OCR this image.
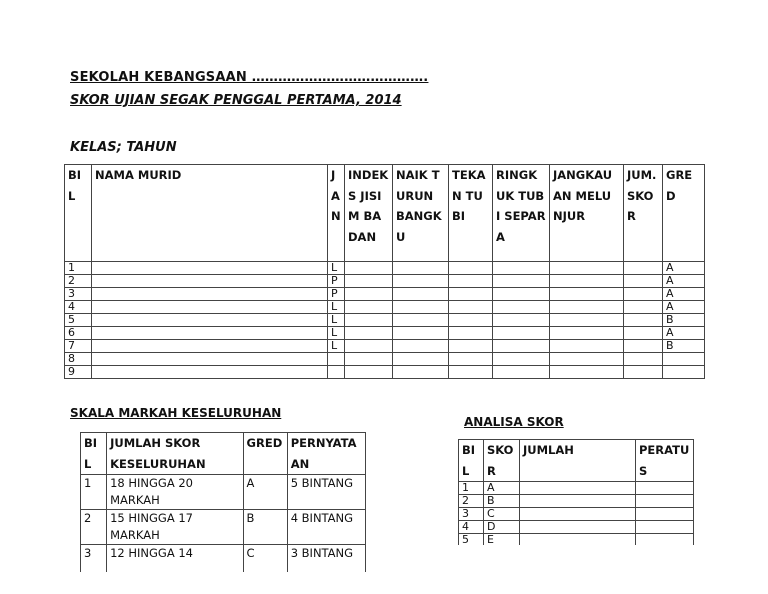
SEKOLAH KEBANGSAAN ………………………………….
SKOR UJIAN SEGAK PENGGAL PERTAMA, 2014
KELAS; TAHUN
BIL	NAMA MURID	JAN	INDEKS JISIM BADAN	NAIK TURUN BANGKU	TEKAN TUBI	RINGKUK TUBI SEPARA	JANGKAUAN MELUNJUR	JUM. SKOR	GRED
1		L							A
2		P							A
3		P							A
4		L							A
5		L							B
6		L							A
7		L							B
8									
9									
SKALA MARKAH KESELURUHAN
BIL	JUMLAH SKOR KESELURUHAN	GRED	PERNYATAAN
1	18 HINGGA 20 MARKAH	A	5 BINTANG
2	15 HINGGA 17 MARKAH	B	4 BINTANG
3	12 HINGGA 14	C	3 BINTANG
ANALISA SKOR
BIL	SKOR	JUMLAH	PERATUS
1	A		
2	B		
3	C		
4	D		
5	E		
